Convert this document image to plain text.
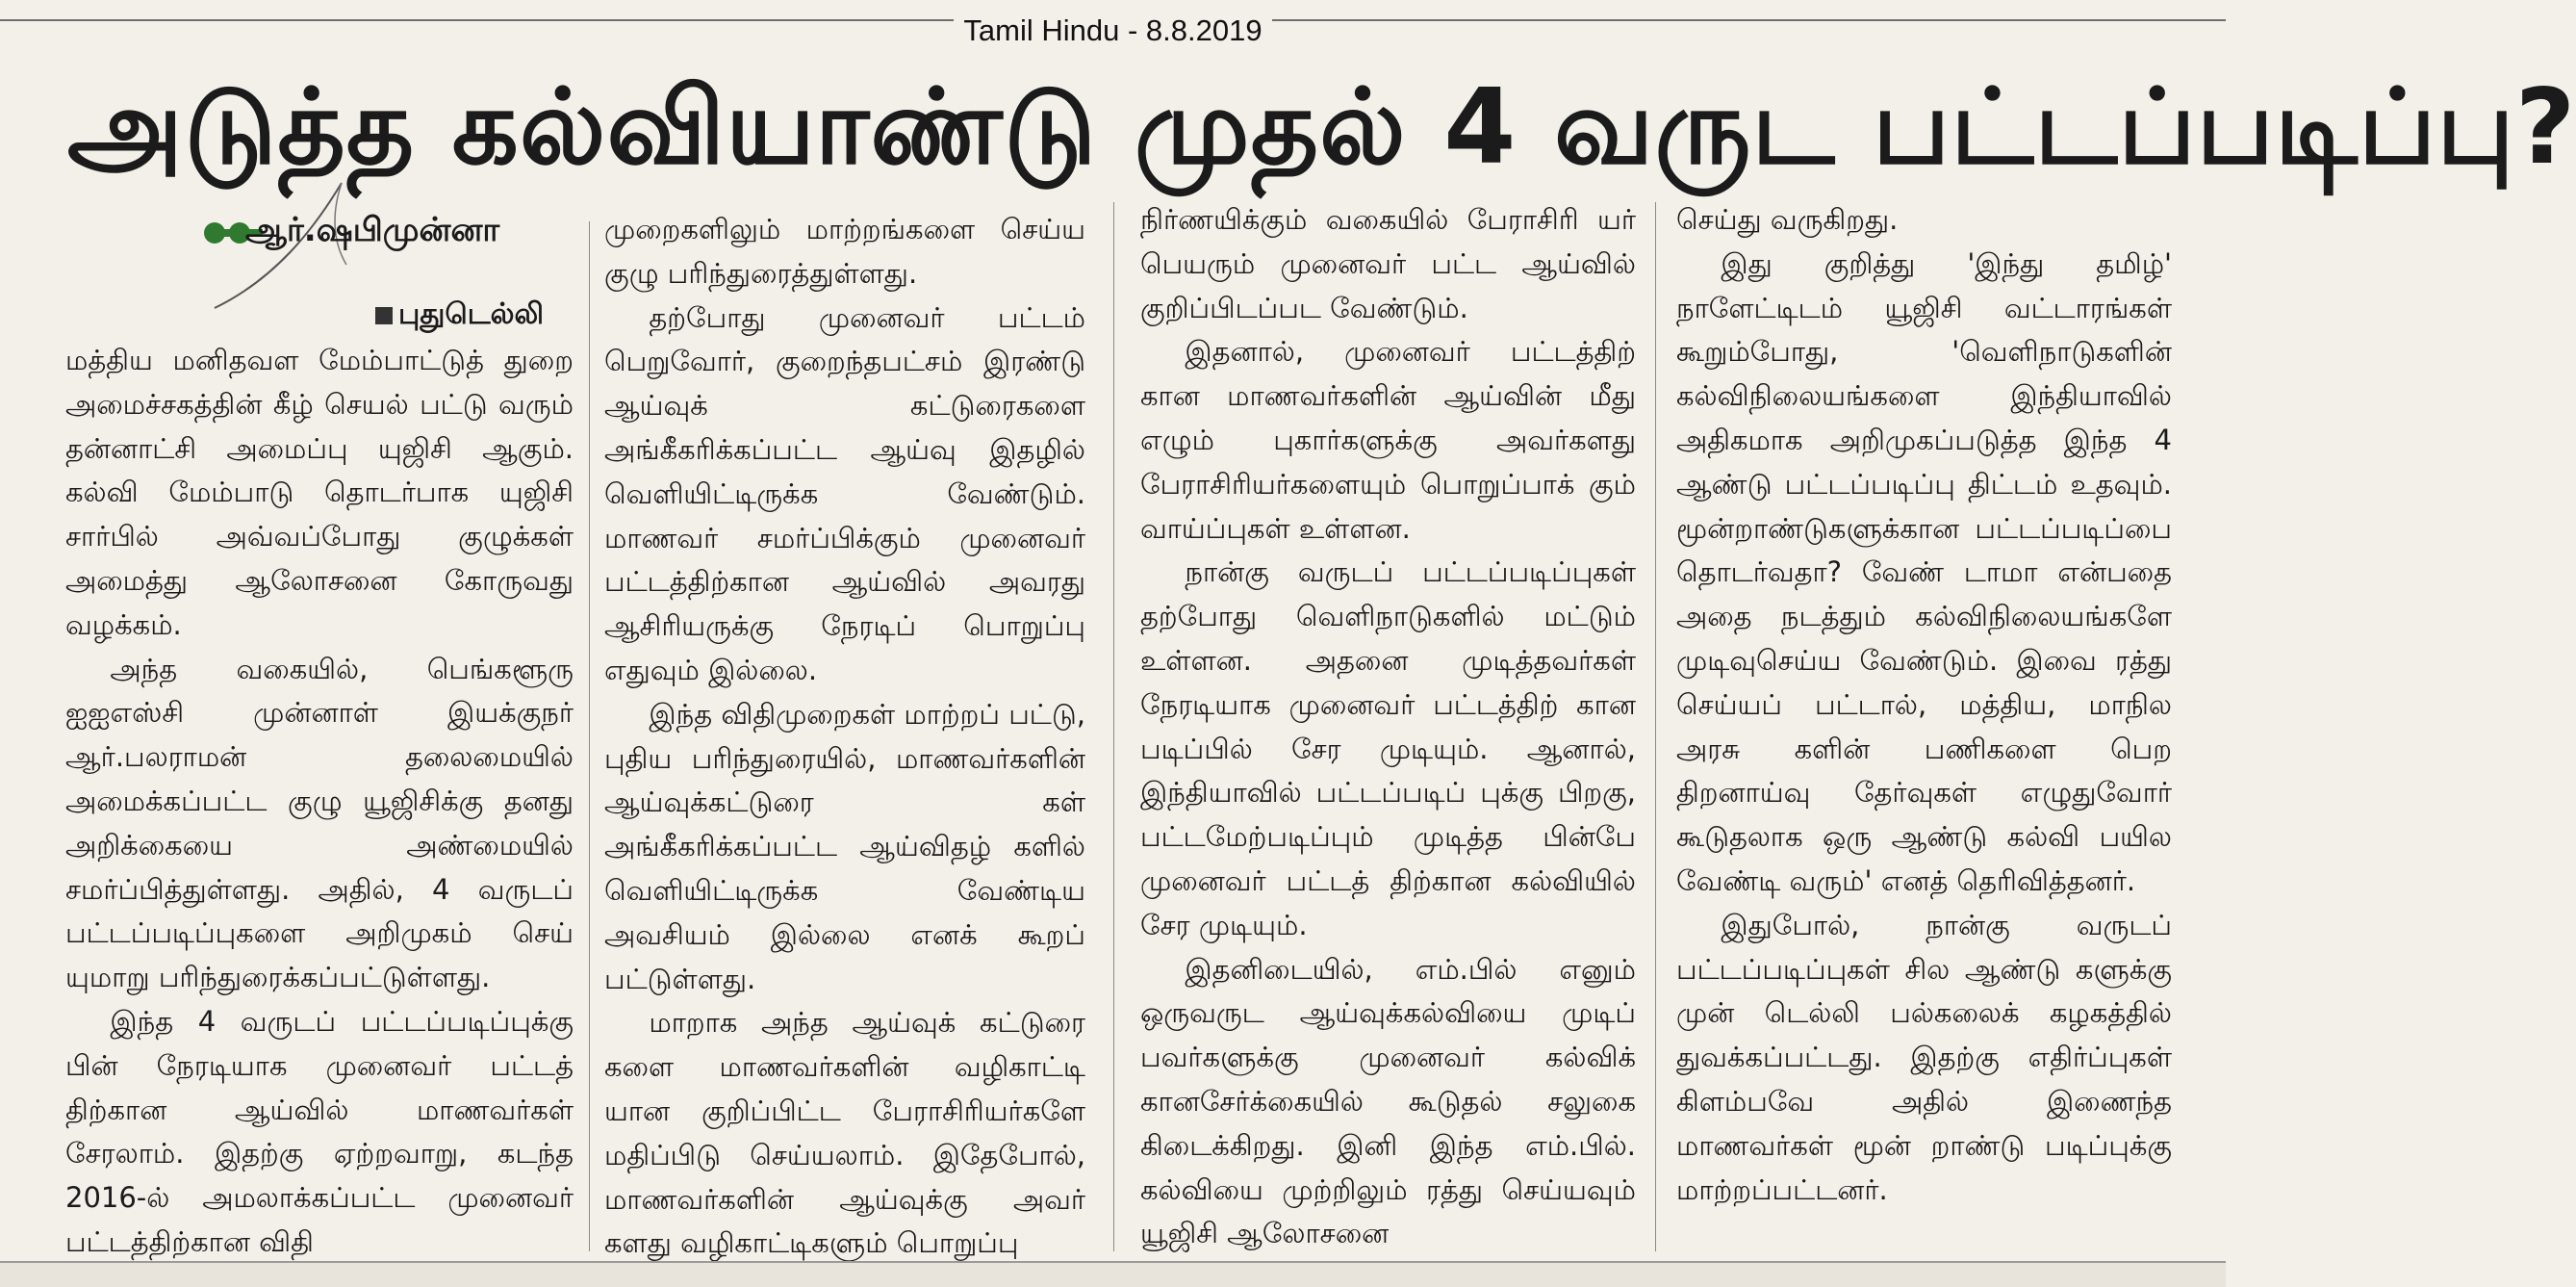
Tamil Hindu - 8.8.2019
அடுத்த கல்வியாண்டு முதல் 4 வருட பட்டப்படிப்பு?
ஆர்.ஷபிமுன்னா
புதுடெல்லி

மத்திய மனிதவள மேம்பாட்டுத் துறை அமைச்சகத்தின் கீழ் செயல் பட்டு வரும் தன்னாட்சி அமைப்பு யுஜிசி ஆகும். கல்வி மேம்பாடு தொடர்பாக யுஜிசி சார்பில் அவ்வப்போது குழுக்கள் அமைத்து ஆலோசனை கோருவது வழக்கம்.

அந்த வகையில், பெங்களூரு ஐஐஎஸ்சி முன்னாள் இயக்குநர் ஆர்.பலராமன் தலைமையில் அமைக்கப்பட்ட குழு யூஜிசிக்கு தனது அறிக்கையை அண்மையில் சமர்ப்பித்துள்ளது. அதில், 4 வருடப் பட்டப்படிப்புகளை அறிமுகம் செய் யுமாறு பரிந்துரைக்கப்பட்டுள்ளது.

இந்த 4 வருடப் பட்டப்படிப்புக்கு பின் நேரடியாக முனைவர் பட்டத் திற்கான ஆய்வில் மாணவர்கள் சேரலாம். இதற்கு ஏற்றவாறு, கடந்த 2016-ல் அமலாக்கப்பட்ட முனைவர் பட்டத்திற்கான விதி

முறைகளிலும் மாற்றங்களை செய்ய குழு பரிந்துரைத்துள்ளது.

தற்போது முனைவர் பட்டம் பெறுவோர், குறைந்தபட்சம் இரண்டு ஆய்வுக் கட்டுரைகளை அங்கீகரிக்கப்பட்ட ஆய்வு இதழில் வெளியிட்டிருக்க வேண்டும். மாணவர் சமர்ப்பிக்கும் முனைவர் பட்டத்திற்கான ஆய்வில் அவரது ஆசிரியருக்கு நேரடிப் பொறுப்பு எதுவும் இல்லை.

இந்த விதிமுறைகள் மாற்றப் பட்டு, புதிய பரிந்துரையில், மாணவர்களின் ஆய்வுக்கட்டுரை கள் அங்கீகரிக்கப்பட்ட ஆய்விதழ் களில் வெளியிட்டிருக்க வேண்டிய அவசியம் இல்லை எனக் கூறப் பட்டுள்ளது.

மாறாக அந்த ஆய்வுக் கட்டுரை களை மாணவர்களின் வழிகாட்டி யான குறிப்பிட்ட பேராசிரியர்களே மதிப்பிடு செய்யலாம். இதேபோல், மாணவர்களின் ஆய்வுக்கு அவர் களது வழிகாட்டிகளும் பொறுப்பு

நிர்ணயிக்கும் வகையில் பேராசிரி யர் பெயரும் முனைவர் பட்ட ஆய்வில் குறிப்பிடப்பட வேண்டும்.

இதனால், முனைவர் பட்டத்திற் கான மாணவர்களின் ஆய்வின் மீது எழும் புகார்களுக்கு அவர்களது பேராசிரியர்களையும் பொறுப்பாக் கும் வாய்ப்புகள் உள்ளன.

நான்கு வருடப் பட்டப்படிப்புகள் தற்போது வெளிநாடுகளில் மட்டும் உள்ளன. அதனை முடித்தவர்கள் நேரடியாக முனைவர் பட்டத்திற் கான படிப்பில் சேர முடியும். ஆனால், இந்தியாவில் பட்டப்படிப் புக்கு பிறகு, பட்டமேற்படிப்பும் முடித்த பின்பே முனைவர் பட்டத் திற்கான கல்வியில் சேர முடியும்.

இதனிடையில், எம்.பில் எனும் ஒருவருட ஆய்வுக்கல்வியை முடிப் பவர்களுக்கு முனைவர் கல்விக் கானசேர்க்கையில் கூடுதல் சலுகை கிடைக்கிறது. இனி இந்த எம்.பில். கல்வியை முற்றிலும் ரத்து செய்யவும் யூஜிசி ஆலோசனை

செய்து வருகிறது.

இது குறித்து 'இந்து தமிழ்' நாளேட்டிடம் யூஜிசி வட்டாரங்கள் கூறும்போது, 'வெளிநாடுகளின் கல்விநிலையங்களை இந்தியாவில் அதிகமாக அறிமுகப்படுத்த இந்த 4 ஆண்டு பட்டப்படிப்பு திட்டம் உதவும். மூன்றாண்டுகளுக்கான பட்டப்படிப்பை தொடர்வதா? வேண் டாமா என்பதை அதை நடத்தும் கல்விநிலையங்களே முடிவுசெய்ய வேண்டும். இவை ரத்து செய்யப் பட்டால், மத்திய, மாநில அரசு களின் பணிகளை பெற திறனாய்வு தேர்வுகள் எழுதுவோர் கூடுதலாக ஒரு ஆண்டு கல்வி பயில வேண்டி வரும்' எனத் தெரிவித்தனர்.

இதுபோல், நான்கு வருடப் பட்டப்படிப்புகள் சில ஆண்டு களுக்கு முன் டெல்லி பல்கலைக் கழகத்தில் துவக்கப்பட்டது. இதற்கு எதிர்ப்புகள் கிளம்பவே அதில் இணைந்த மாணவர்கள் மூன் றாண்டு படிப்புக்கு மாற்றப்பட்டனர்.
